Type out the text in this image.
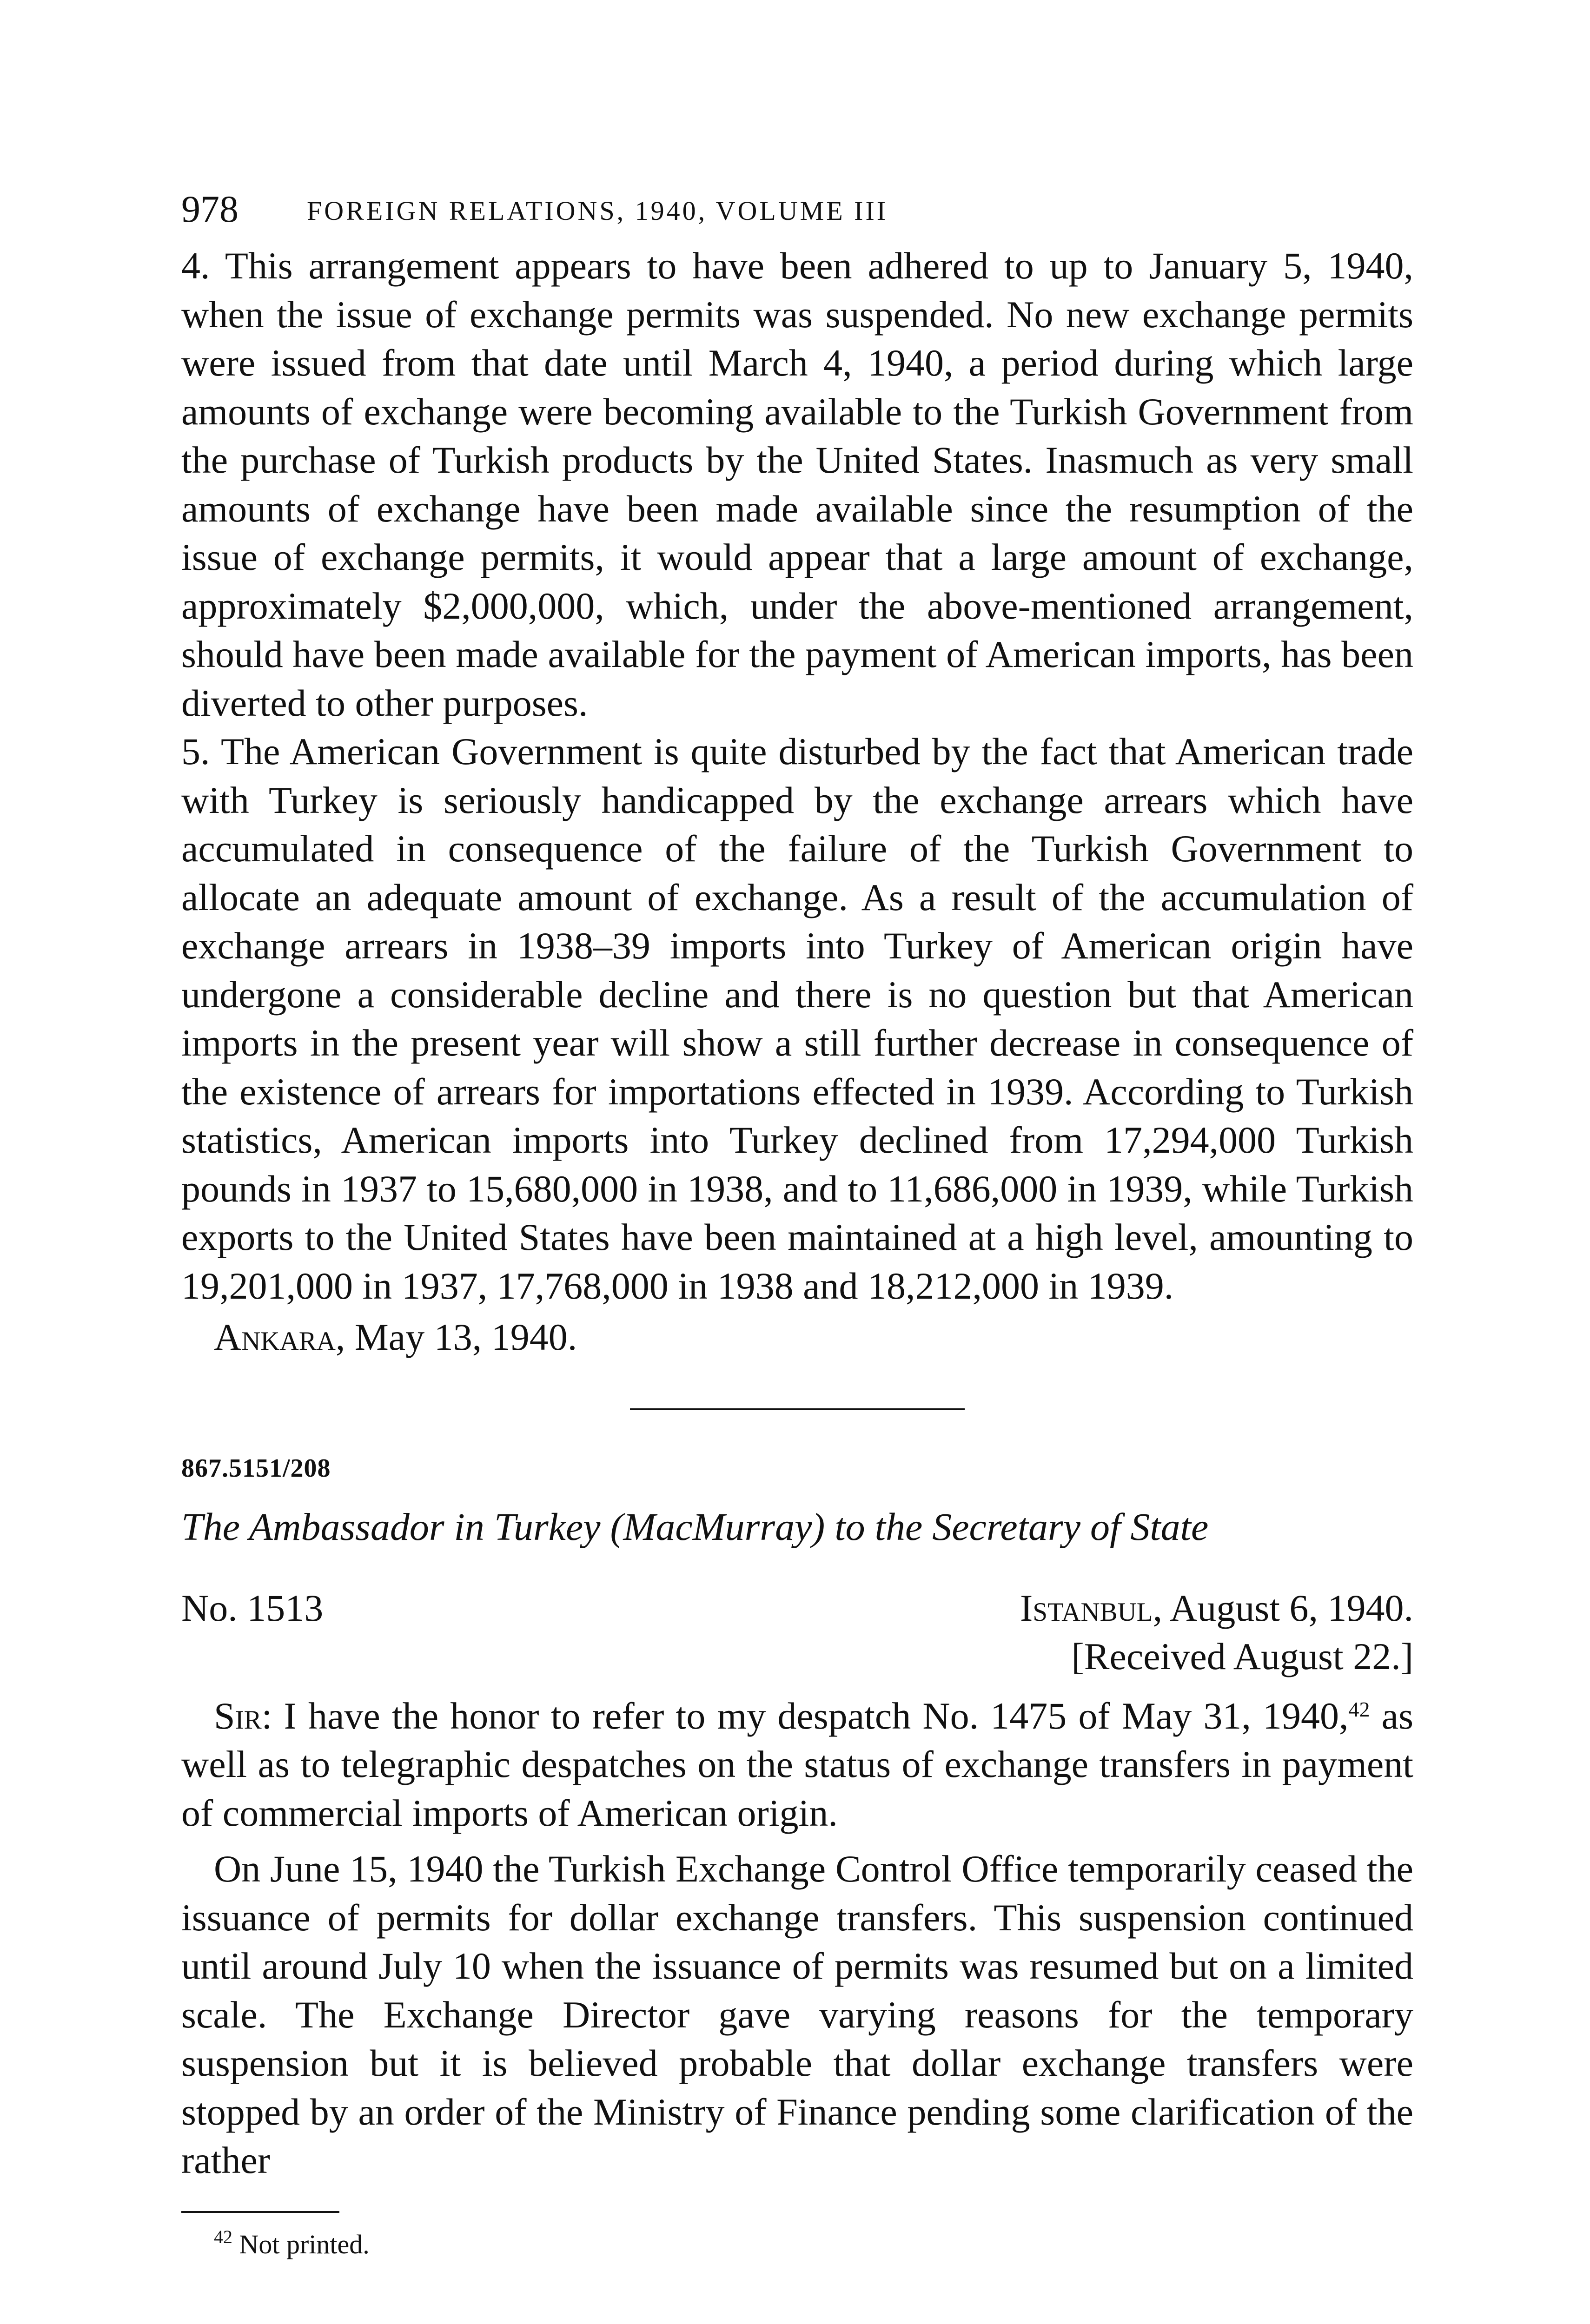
978	FOREIGN RELATIONS, 1940, VOLUME III

4. This arrangement appears to have been adhered to up to January 5, 1940, when the issue of exchange permits was suspended. No new exchange permits were issued from that date until March 4, 1940, a period during which large amounts of exchange were becoming available to the Turkish Government from the purchase of Turkish products by the United States. Inasmuch as very small amounts of exchange have been made available since the resumption of the issue of exchange permits, it would appear that a large amount of exchange, approximately $2,000,000, which, under the above-mentioned arrangement, should have been made available for the payment of American imports, has been diverted to other purposes.

5. The American Government is quite disturbed by the fact that American trade with Turkey is seriously handicapped by the exchange arrears which have accumulated in consequence of the failure of the Turkish Government to allocate an adequate amount of exchange. As a result of the accumulation of exchange arrears in 1938–39 imports into Turkey of American origin have undergone a considerable decline and there is no question but that American imports in the present year will show a still further decrease in consequence of the existence of arrears for importations effected in 1939. According to Turkish statistics, American imports into Turkey declined from 17,294,000 Turkish pounds in 1937 to 15,680,000 in 1938, and to 11,686,000 in 1939, while Turkish exports to the United States have been maintained at a high level, amounting to 19,201,000 in 1937, 17,768,000 in 1938 and 18,212,000 in 1939.

Ankara, May 13, 1940.
867.5151/208
The Ambassador in Turkey (MacMurray) to the Secretary of State
No. 1513	Istanbul, August 6, 1940.
[Received August 22.]

Sir: I have the honor to refer to my despatch No. 1475 of May 31, 1940,42 as well as to telegraphic despatches on the status of exchange transfers in payment of commercial imports of American origin.

On June 15, 1940 the Turkish Exchange Control Office temporarily ceased the issuance of permits for dollar exchange transfers. This suspension continued until around July 10 when the issuance of permits was resumed but on a limited scale. The Exchange Director gave varying reasons for the temporary suspension but it is believed probable that dollar exchange transfers were stopped by an order of the Ministry of Finance pending some clarification of the rather

$^{42}$ Not printed.
